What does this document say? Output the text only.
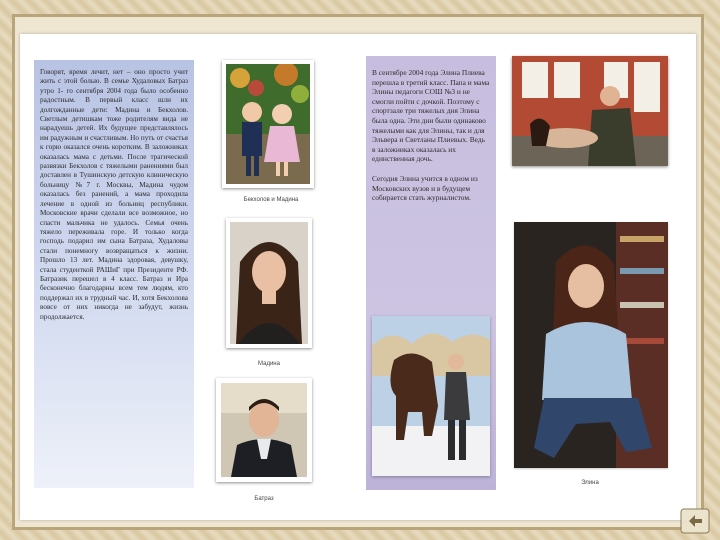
Говорят, время лечит, нет – оно просто учит жить с этой болью. В семье Худаловых Батраз утро 1- го сентября 2004 года было особенно радостным. В первый класс шли их долгожданные дети: Мадина и Бекхолов. Светлым детишкам тоже родителям вида не нарадуешь детей. Их будущее представлялось им радужным и счастливым. Но путь от счастья к горю оказался очень коротким. В заложниках оказалась мама с детьми. После трагической развязки Бекхолов с тяжелыми ранениями был доставлен в Тушинскую детскую клиническую больницу №7 г. Москвы, Мадина чудом оказалась без ранений, а мама проходила лечение в одной из больниц республики. Московские врачи сделали все возможное, но спасти мальчика не удалось. Семья очень тяжело переживала горе. И только когда господь подарил им сына Батраза, Худаловы стали понемногу возвращаться к жизни. Прошло 13 лет. Мадина здоровая, девушку, стала студенткой РАШиГ при Президенте РФ. Батразик перешел в 4 класс. Батраз и Ира бесконечно благодарны всем тем людям, кто поддержал их в трудный час. И, хотя Бекхолова вовсе от них никогда не забудут, жизнь продолжается.
Бекхолов и Мадина
Мадина
Батраз

В сентябре 2004 года Элина Плиева перешла в третий класс. Папа и мама Элины педагоги СОШ №3 и не смогли пойти с дочкой. Поэтому с спортзале три тяжелых дня Элина была одна. Эти дни были одинаково тяжелыми как для Элины, так и для Эльвера и Светланы Плиевых. Ведь в заложниках оказалась их единственная дочь.

Сегодня Элина учится в одном из Московских вузов и в будущем собирается стать журналистом.

Элина
